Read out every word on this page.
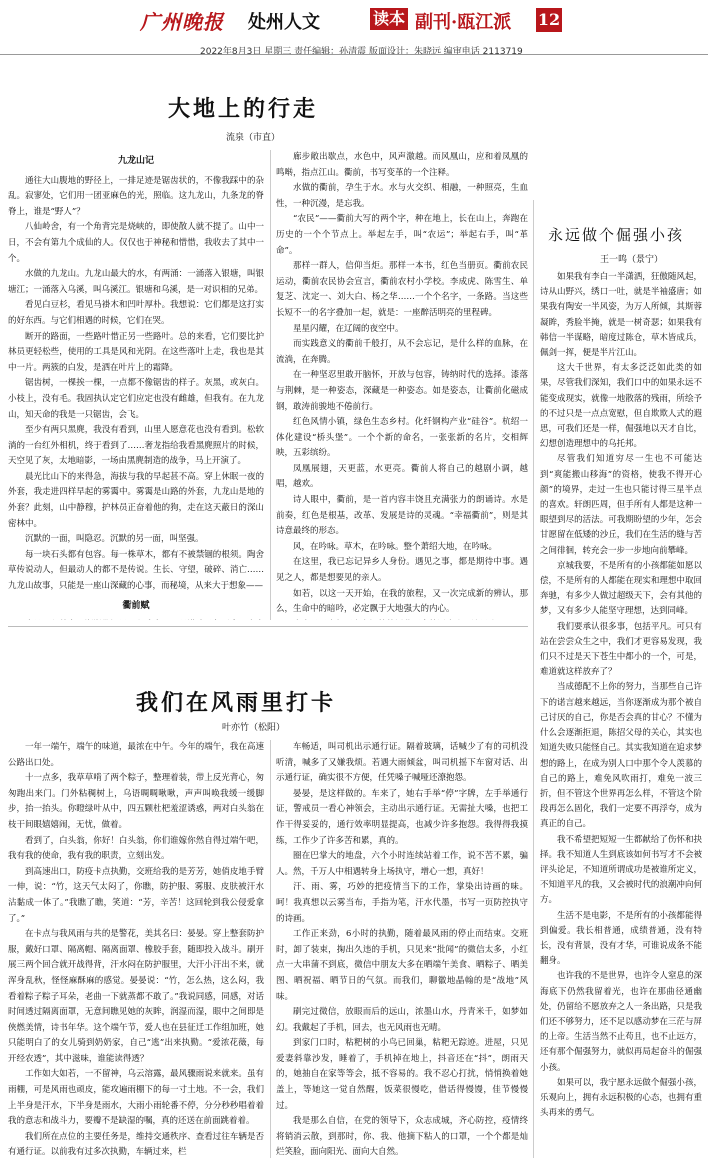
广州晚报 处州人文	读本 副刊·瓯江派 12
2022年8月3日 星期三 责任编辑：孙清震 版面设计：朱晓远 编审电话 2113719
大地上的行走
流泉（市直）

九龙山记

通往大山腹地的野径上，一排足迹是锯齿状的，不像我踩中的杂乱。寂寥处，它们用一团亚麻色的光，照临。这九龙山，九条龙的脊脊上，谁是“野人”？

八仙岭舍，有一个角背完是烧峡的，即使散人就不提了。山中一日，不会有第九个成仙的人。仅仅也于神秘和惜惜，我收去了其中一个。

水做的九龙山。九龙山最大的水，有两涌：一涌落入银塘，叫银塘江；一涌落入乌溪，叫乌溪江。银塘和乌溪，是一对识相的兄弟。

看见白豆杉，看见马褂木和凹叶厚朴。我想说：它们都是这打实的好东西。与它们相遇的时候，它们在哭。

断开的路面，一些路叶惜正另一些路叶。总的来看，它们要比护林员更轻松些，使用的工具是风和光阴。在这些落叶上走，我也是其中一片。两簇的白发，是洒在叶片上的霜降。

锯齿树，一棵挨一棵，一点都不像锯齿的样子。灰黑，或灰白。小枝上，没有毛。我固执认定它们应定也没有雌雄，但我有。在九龙山，知天命的我是一只锯齿，会飞。

至少有两只黑麂，我没有看到，山里人愿意花也没有看到。松软淌的一台红外相机，终于看到了……奢龙指给我看黑麂照片的时候，天空见了灰，太地暗影，一场由黑麂制造的战争，马上开演了。

晨光比山下的来得急，海拔与我的早起甚不高。穿上休眠一夜的外套，我走进四样早起的雾霭中。雾霭是山路的外套，九龙山是地的外套？此刻，山中静穆，护林员正奋着他的狗，走在这天蔽日的深山密林中。

沉默的一面，叫隐忍。沉默的另一面，叫坚强。

每一块石头都有包容。每一株草木，都有不被禁锢的根须。陶舍草传说动人，但最动人的都不是传说。生长、守望，破碎、消亡……九龙山故事，只能是一座山深藏的心事，而秘境，从来大于想象——

衢前赋

廊步敞出歇点，水色中，风声激越。而风凰山，应和着凤凰的鸣啭，指点江山。衢前，书写变革的一个注释。

水做的衢前，孕生于水。水与火交织、相融，一种照亮，生血性，一种沉漫，是忘我。

“农民”——衢前大写的两个字，种在地上，长在山上，奔跑在历史的一个个节点上。举起左手，叫“农运”；举起右手，叫“革命”。

那样一群人，信仰当炬。那样一本书，红色当册页。衢前农民运动，衢前农民协会宣言，衢前农村小学校。李成虎、陈雪生、单复芝、沈定一、刘大白、杨之华……一个个名字，一条路。当这些长短不一的名字叠加一起，就是：一座醉活明亮的里程碑。

星星闪耀，在辽阔的夜空中。

而实践意义的衢前千般打，从不会忘记，是什么样的血脉，在流淌，在奔腾。

在一种坚忍里敢开脑怀，开放与包容，铸纳时代的选择。漆落与荆棘，是一种姿态，深藏是一种姿态。如是姿态，让衢前化磁成钢，敢涛前骏地不倦前行。

红色风情小镇，绿色生态乡村。化纤钢构产业“硅谷”。杭绍一体化建设“桥头堡”。一个个新的命名，一张张新的名片，交相辉映，五彩缤纷。

凤凰展翅，天更蓝，水更亮。衢前人将自己的越剧小调，越唱，越欢。

诗人眼中，衢前，是一首内容丰饶且充满张力的朗诵诗。水是前奏，红色是根基，改革、发展是诗的灵魂。“幸福衢前”，则是其诗意最终的形态。

风，在吟咏。草木，在吟咏。整个萧绍大地，在吟咏。

在这里，我已忘记异乡人身份。遇见之事，都是期待中事。遇见之人，都是想要见的亲人。

如若，以这一天开始，在我的旅程，又一次完成新的辨认，那么，生命中的暗吟，必定飘于大地强大的内心。

我们在风雨里打卡
叶亦竹（松阳）

一年一端午，端午的味道，最浓在中午。今年的端午，我在高速公路出口处。

十一点多，我草草啃了两个粽子，整理着装，带上反光背心，匆匆跑出来门。门外粘稠树上，乌语啁啁啾啾，声声叫唤我缓一缓脚步，抬一抬头。你瞪绿叶从中，四五颗杜杷羞涩诱惑，两对白头翁在枝干间眼嬉嬉闹，无忧，做着。

看到了，白头翁，你好！白头翁，你们谁嫁你然自得过端午吧，我有我的使命，我有我的职责，立刻出发。

到高速出口，防疫卡点执勤，交班给我的是芳芳，她俏皮地手臂一伸，说：“竹，这天气太闷了，你瞧，防护服、雾服、皮肤被汗水沾黏成一体了。”我瞧了瞧，笑道：“芳，辛苦！这回轮到我公侵爱拿了。”

在卡点与我风雨与共的是警花，美其名曰：晏晏。穿上整套防护服，戴好口罩、隔离帽、隔离面罩、橡胶手套，随即投入战斗。刷开展三两个回合就开战得背，汗水闷在防护服里，大汗小汗出不来，就浑身乱秋，怪怪麻酥麻的感觉。晏晏说：“竹，怎么热，这么闷，我看着粽子粽子耳朵，老曲一下就蒸都不敢了。”我说同感，同感，对话时间透过隔离面罩，无意间瞧见她的灰眸，润湿而湿，眼中之间即是俠燃美情，诗书年华。这个端午节，爱人也在县征迁工作组加班，她只能明白了的女儿骑到奶奶家，自己“逃”出来执勤。“爱浓花薇，每开经农透”，其中滋味，谁能读得透？

工作如大如若，一不留神，乌云溶露，最风骤雨说来就来。虽有雨棚，可是风雨也顽皮，能攻遍雨棚下的每一寸土地。不一会，我们上半身是汗水，下半身是雨水，大雨小雨轮番不停，分分秒秒唱着着我的意志和战斗力，要瓣不是缺湿的嘱，真的还送在前面跳着着。

我们所在点位的主要任务是，维持交通秩序、查看过往车辆是否有通行证。以前我有过多次执勤，车辆过来，栏

车畅适，叫司机出示通行证。隔着玻璃，话喊少了有的司机没听清，喊多了又嫌我烦。若遇大雨倾盆，叫司机摇下车窗对话、出示通行证，确实很不方便，任凭嗓子喊哑还潦抱怨。

晏晏，是这样做的。车来了，她右手举“停”字牌，左手举通行证，警戒员一看心神领会，主动出示通行证。无需扯大嗓，也把工作干得妥妥的，通行效率明显提高，也减少许多抱怨。我得得我摸练，工作少了许多苦和累，真的。

圈在巴掌大的地盘，六个小时连续站着工作，说不苦不累，骗人。然，千万人中相遇转身上场执守，增心一想，真好！

汗、雨、雾，巧妙的把疫情当下的工作，掌染出诗画的味。呵！我真想以云雾当布，手指为笔，汗水代墨，书写一页防控执守的诗画。

工作正来劲，6小时的执勤，随着最风雨的停止而结束。交班时，卸了装束，掬出久违的手机，只见来“批闻”的微信太多，小红点一大串蒲不到底，微信中朋友大多在晒端午美食、晒粽子、晒美图、晒祝福、晒节日的气氛。而我们，聊徽地晶翰的是“战地”风味。

刷完过微信，放眼而后的远山，浓墨山水，丹青米千，如梦如幻。我戴起了手机，回去，也无风雨也无晴。

到家门口时，粘粑树的小鸟已回巢，粘粑无踪迹。进屋，只见爱妻斜靠沙发，睡着了，手机掉在地上，抖音还在“抖”，朗雨天的，她抽自在家等等会，抵不容易的。我不忍心打扰，悄悄换着她盖上，等她这一觉自然醒，饭菜很慢吃，借话得慢馒，佳节慢慢过。

我是那么自信，在党的领导下，众志成城，齐心防控，疫情终将销消云散，到那时，你、我、他摘下粘人的口罩，一个个都是灿烂笑脸，面向阳光、面向大自然。

永远做个倔强小孩
王一鸣（景宁）

如果我有李白一半潇洒，狂傲随风起，诗从山野兴，绣口一吐，就是半袖盛唐；如果我有陶安一半风姿，为万人所倾，其斯蓉凝眸，秀脸半掩，就是一树奇瑟；如果我有韩信一半谋略，暗度过陈仓，草木皆成兵，佩剑一挥，便是半片江山。

这大千世界，有太多泛泛如此类的如果，尽管我们深知，我们口中的如果永远不能变成现实，就像一地散落的残雨，所绘予的不过只是一点点宽慰，但自欺欺人式的遐思，可我们还是一样，倔强地以天才自比，幻想创造理想中的乌托邦。

尽管我们知道穷尽一生也不可能达到“爽能搬山移海”的资格，使我不得开心颜”的境界，走过一生也只能讨得三星半点的喜欢。轩朗匹周，但手所有人都是这种一眼望到尽的活法。可我期盼望的少年，怎会甘愿留在低矮的沙丘，我们在生活的缝与苦之间徘徊，转充会一步一步地向前攀峰。

京城我要，不是所有的小孩都能如愿以偿，不是所有的人都能在现实和理想中取回奔驰，有多少人做过超级天下，会有其他的梦，又有多少人能坚守理想，达到同峰。

我们要承认很多事，包括平凡。可只有站在尝尝众生之中，我们才更容易发现，我们只不过是天下苍生中都小的一个，可是，难道就这样放弃了？

当成德配不上你的努力，当那些自己许下的诺言越来越远，当你逐渐成为那个被自己讨厌的自己，你是否会真的甘心？不懂为什么会逐渐拒退，陈招父母的关心，其实也知道失败只能怪自己。其实我知道在追求梦想的路上，在成为别人口中那个令人羡慕的自己的路上，难免风吹雨打，难免一波三折，但不管这个世界再怎么样，不管这个阶段再怎么固化，我们一定要不再浮夸，成为真正的自己。

我不希望把短短一生都献给了伤怀和抉择。我不知道人生到底该如何书写才不会被评头论足，不知道所谓成功是被谁所定义，不知道平凡的我，又会被时代的浪潮冲向何方。

生活不是电影，不是所有的小孩都能得到偏爱。我长相普通，成绩普通，没有特长，没有背景，没有才华，可谁说成条不能翻身。

也许我的不是世界，也许令人窒息的深海底下仍然我留着光，也许在那曲径通幽处，仍留给不愿放弃之人一条出路，只是我们还不够努力，还不足以感动梦在三茫与屏的上帝。生活当然不止苟且，也不止远方，还有那个倔强努力，就似再局起奋斗的倔强小孩。

如果可以，我宁愿永远做个倔强小孩，乐观向上，拥有永远积极的心态，也拥有重头再来的勇气。
